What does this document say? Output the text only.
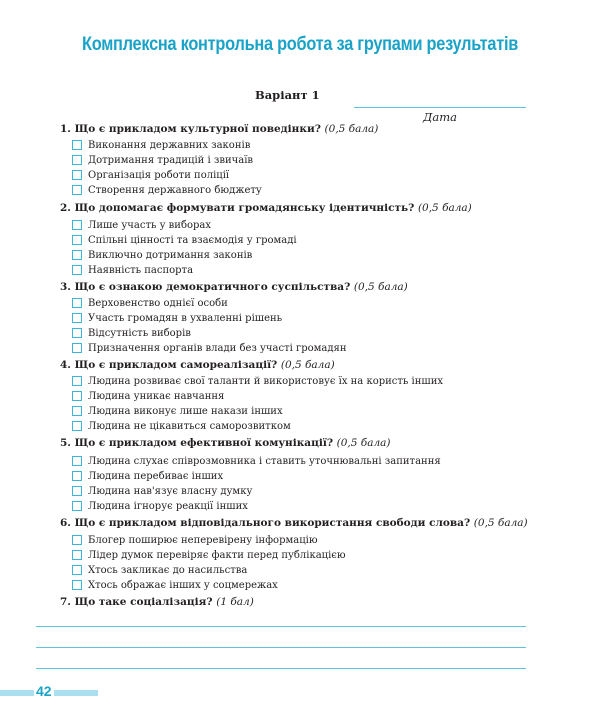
Комплексна контрольна робота за групами результатів
Варіант 1
Дата
1. Що є прикладом культурної поведінки? (0,5 бала)
Виконання державних законів
Дотримання традицій і звичаїв
Організація роботи поліції
Створення державного бюджету
2. Що допомагає формувати громадянську ідентичність? (0,5 бала)
Лише участь у виборах
Спільні цінності та взаємодія у громаді
Виключно дотримання законів
Наявність паспорта
3. Що є ознакою демократичного суспільства? (0,5 бала)
Верховенство однієї особи
Участь громадян в ухваленні рішень
Відсутність виборів
Призначення органів влади без участі громадян
4. Що є прикладом самореалізації? (0,5 бала)
Людина розвиває свої таланти й використовує їх на користь інших
Людина уникає навчання
Людина виконує лише накази інших
Людина не цікавиться саморозвитком
5. Що є прикладом ефективної комунікації? (0,5 бала)
Людина слухає співрозмовника і ставить уточнювальні запитання
Людина перебиває інших
Людина нав'язує власну думку
Людина ігнорує реакції інших
6. Що є прикладом відповідального використання свободи слова? (0,5 бала)
Блогер поширює неперевірену інформацію
Лідер думок перевіряє факти перед публікацією
Хтось закликає до насильства
Хтось ображає інших у соцмережах
7. Що таке соціалізація? (1 бал)
42
